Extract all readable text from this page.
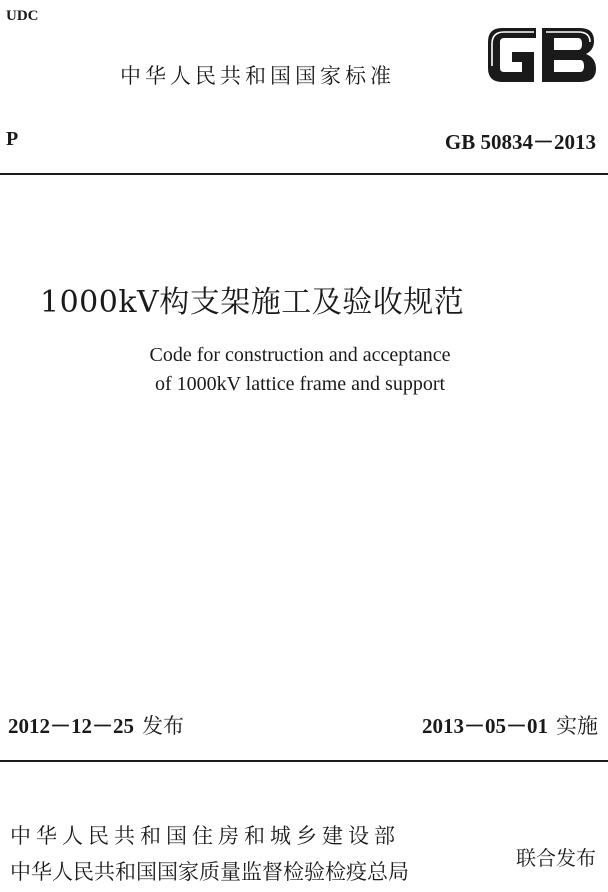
UDC
中华人民共和国国家标准
P	GB 50834－2013
1000kV构支架施工及验收规范
Code for construction and acceptance
of 1000kV lattice frame and support
2012－12－25 发布	2013－05－01 实施
中华人民共和国住房和城乡建设部
中华人民共和国国家质量监督检验检疫总局
联合发布
